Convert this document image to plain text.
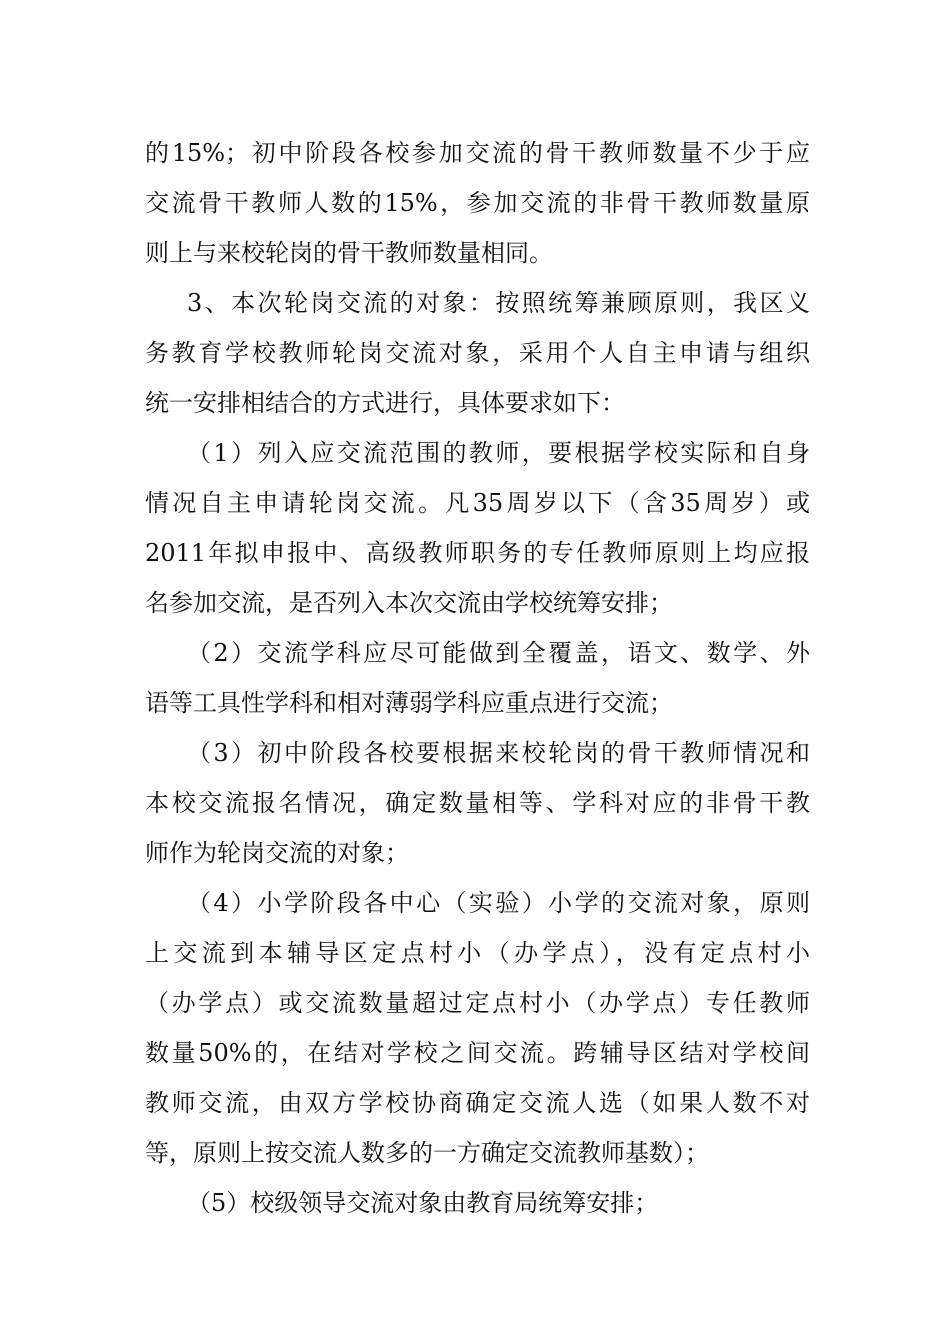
的15%；初中阶段各校参加交流的骨干教师数量不少于应
交流骨干教师人数的15%，参加交流的非骨干教师数量原
则上与来校轮岗的骨干教师数量相同。
3、本次轮岗交流的对象：按照统筹兼顾原则，我区义
务教育学校教师轮岗交流对象，采用个人自主申请与组织
统一安排相结合的方式进行，具体要求如下：
（1）列入应交流范围的教师，要根据学校实际和自身
情况自主申请轮岗交流。凡35周岁以下（含35周岁）或
2011年拟申报中、高级教师职务的专任教师原则上均应报
名参加交流，是否列入本次交流由学校统筹安排；
（2）交流学科应尽可能做到全覆盖，语文、数学、外
语等工具性学科和相对薄弱学科应重点进行交流；
（3）初中阶段各校要根据来校轮岗的骨干教师情况和
本校交流报名情况，确定数量相等、学科对应的非骨干教
师作为轮岗交流的对象；
（4）小学阶段各中心（实验）小学的交流对象，原则
上交流到本辅导区定点村小（办学点），没有定点村小
（办学点）或交流数量超过定点村小（办学点）专任教师
数量50%的，在结对学校之间交流。跨辅导区结对学校间
教师交流，由双方学校协商确定交流人选（如果人数不对
等，原则上按交流人数多的一方确定交流教师基数）；
（5）校级领导交流对象由教育局统筹安排；
